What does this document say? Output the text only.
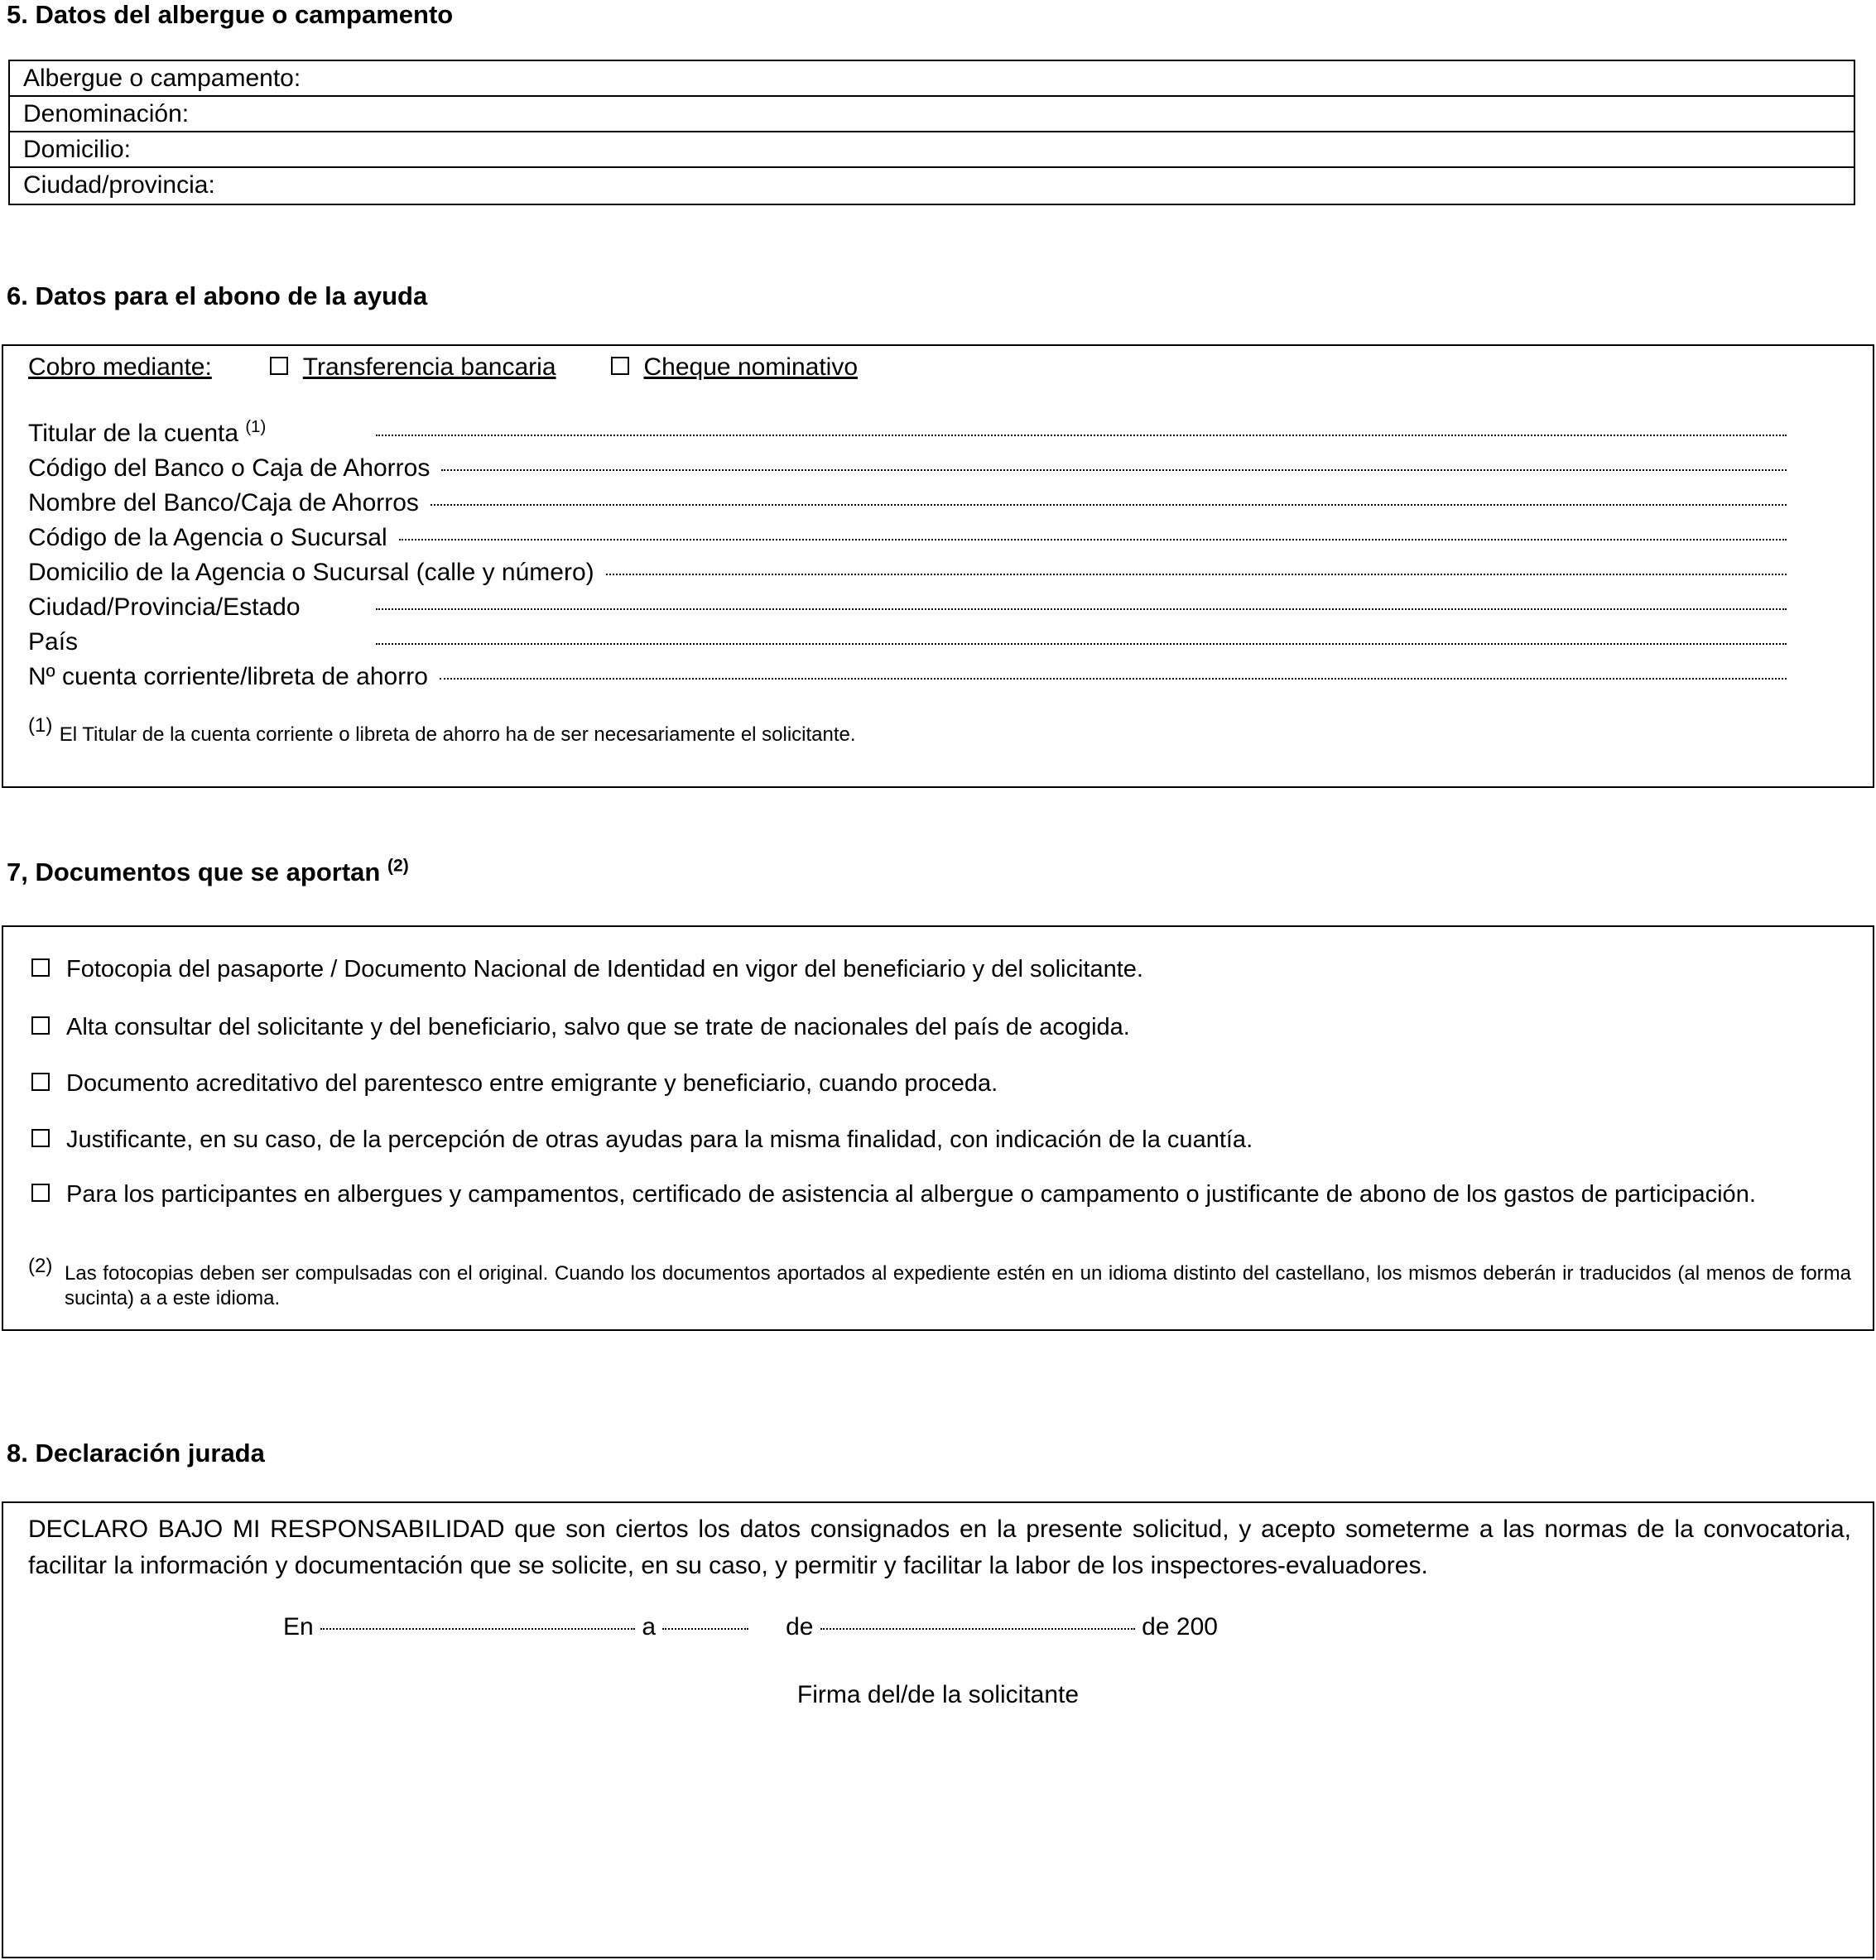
5. Datos del albergue o campamento
Albergue o campamento:
Denominación:
Domicilio:
Ciudad/provincia:
6. Datos para el abono de la ayuda
Cobro mediante:	Transferencia bancaria	Cheque nominativo
Titular de la cuenta $^{(1)}$
Código del Banco o Caja de Ahorros
Nombre del Banco/Caja de Ahorros
Código de la Agencia o Sucursal
Domicilio de la Agencia o Sucursal (calle y número)
Ciudad/Provincia/Estado
País
Nº cuenta corriente/libreta de ahorro
$^{(1)}$ El Titular de la cuenta corriente o libreta de ahorro ha de ser necesariamente el solicitante.
7, Documentos que se aportan $^{(2)}$
Fotocopia del pasaporte / Documento Nacional de Identidad en vigor del beneficiario y del solicitante.
Alta consultar del solicitante y del beneficiario, salvo que se trate de nacionales del país de acogida.
Documento acreditativo del parentesco entre emigrante y beneficiario, cuando proceda.
Justificante, en su caso, de la percepción de otras ayudas para la misma finalidad, con indicación de la cuantía.
Para los participantes en albergues y campamentos, certificado de asistencia al albergue o campamento o justificante de abono de los gastos de participación.
(2) Las fotocopias deben ser compulsadas con el original. Cuando los documentos aportados al expediente estén en un idioma distinto del castellano, los mismos deberán ir traducidos (al menos de forma sucinta) a a este idioma.
8. Declaración jurada
DECLARO BAJO MI RESPONSABILIDAD que son ciertos los datos consignados en la presente solicitud, y acepto someterme a las normas de la convocatoria, facilitar la información y documentación que se solicite, en su caso, y permitir y facilitar la labor de los inspectores-evaluadores.
En	a	de	de 200
Firma del/de la solicitante
